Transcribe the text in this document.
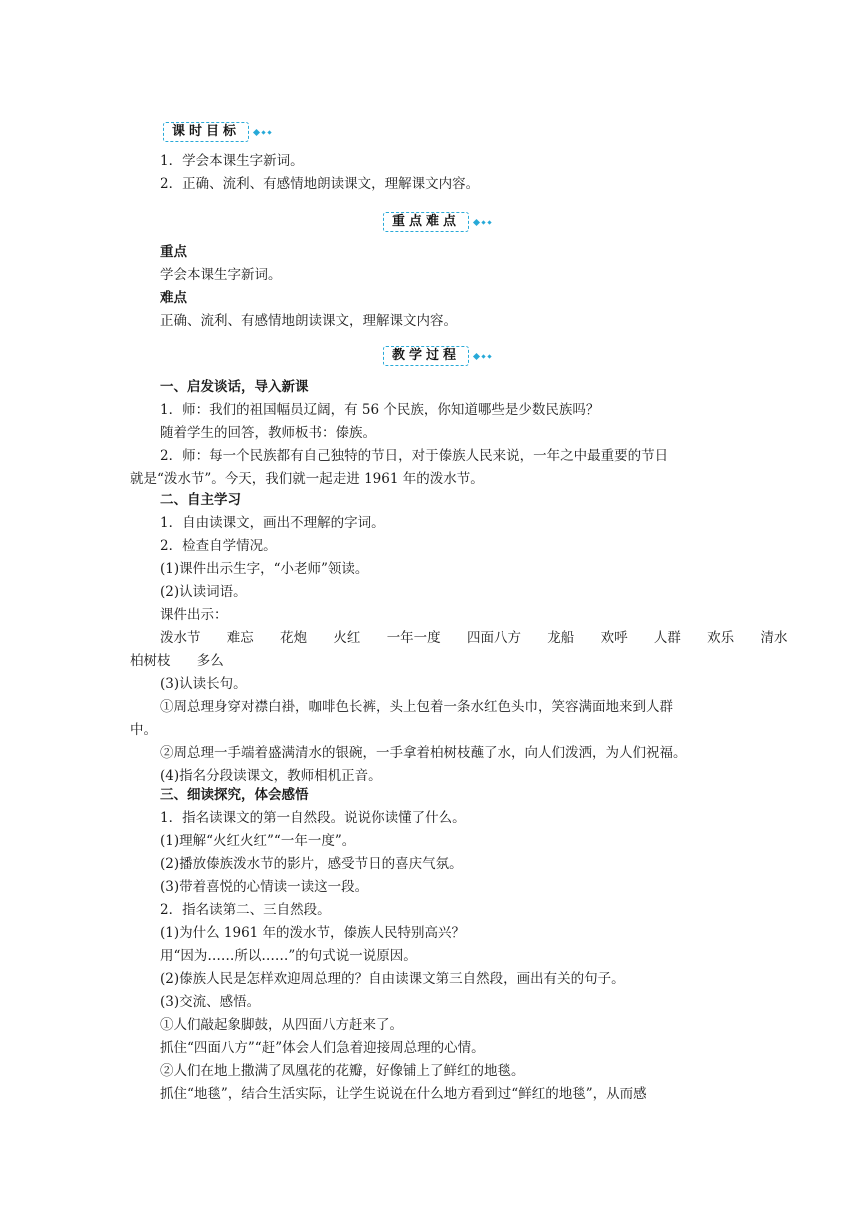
课时目标
1．学会本课生字新词。
2．正确、流利、有感情地朗读课文，理解课文内容。
重点难点
重点
学会本课生字新词。
难点
正确、流利、有感情地朗读课文，理解课文内容。
教学过程
一、启发谈话，导入新课
1．师：我们的祖国幅员辽阔，有 56 个民族，你知道哪些是少数民族吗？
随着学生的回答，教师板书：傣族。
2．师：每一个民族都有自己独特的节日，对于傣族人民来说，一年之中最重要的节日
就是“泼水节”。今天，我们就一起走进 1961 年的泼水节。
二、自主学习
1．自由读课文，画出不理解的字词。
2．检查自学情况。
(1)课件出示生字，“小老师”领读。
(2)认读词语。
课件出示：
泼水节 难忘 花炮 火红 一年一度 四面八方 龙船 欢呼 人群 欢乐 清水
柏树枝 多么
(3)认读长句。
①周总理身穿对襟白褂，咖啡色长裤，头上包着一条水红色头巾，笑容满面地来到人群
中。
②周总理一手端着盛满清水的银碗，一手拿着柏树枝蘸了水，向人们泼洒，为人们祝福。
(4)指名分段读课文，教师相机正音。
三、细读探究，体会感悟
1．指名读课文的第一自然段。说说你读懂了什么。
(1)理解“火红火红”“一年一度”。
(2)播放傣族泼水节的影片，感受节日的喜庆气氛。
(3)带着喜悦的心情读一读这一段。
2．指名读第二、三自然段。
(1)为什么 1961 年的泼水节，傣族人民特别高兴？
用“因为……所以……”的句式说一说原因。
(2)傣族人民是怎样欢迎周总理的？自由读课文第三自然段，画出有关的句子。
(3)交流、感悟。
①人们敲起象脚鼓，从四面八方赶来了。
抓住“四面八方”“赶”体会人们急着迎接周总理的心情。
②人们在地上撒满了凤凰花的花瓣，好像铺上了鲜红的地毯。
抓住“地毯”，结合生活实际，让学生说说在什么地方看到过“鲜红的地毯”，从而感
